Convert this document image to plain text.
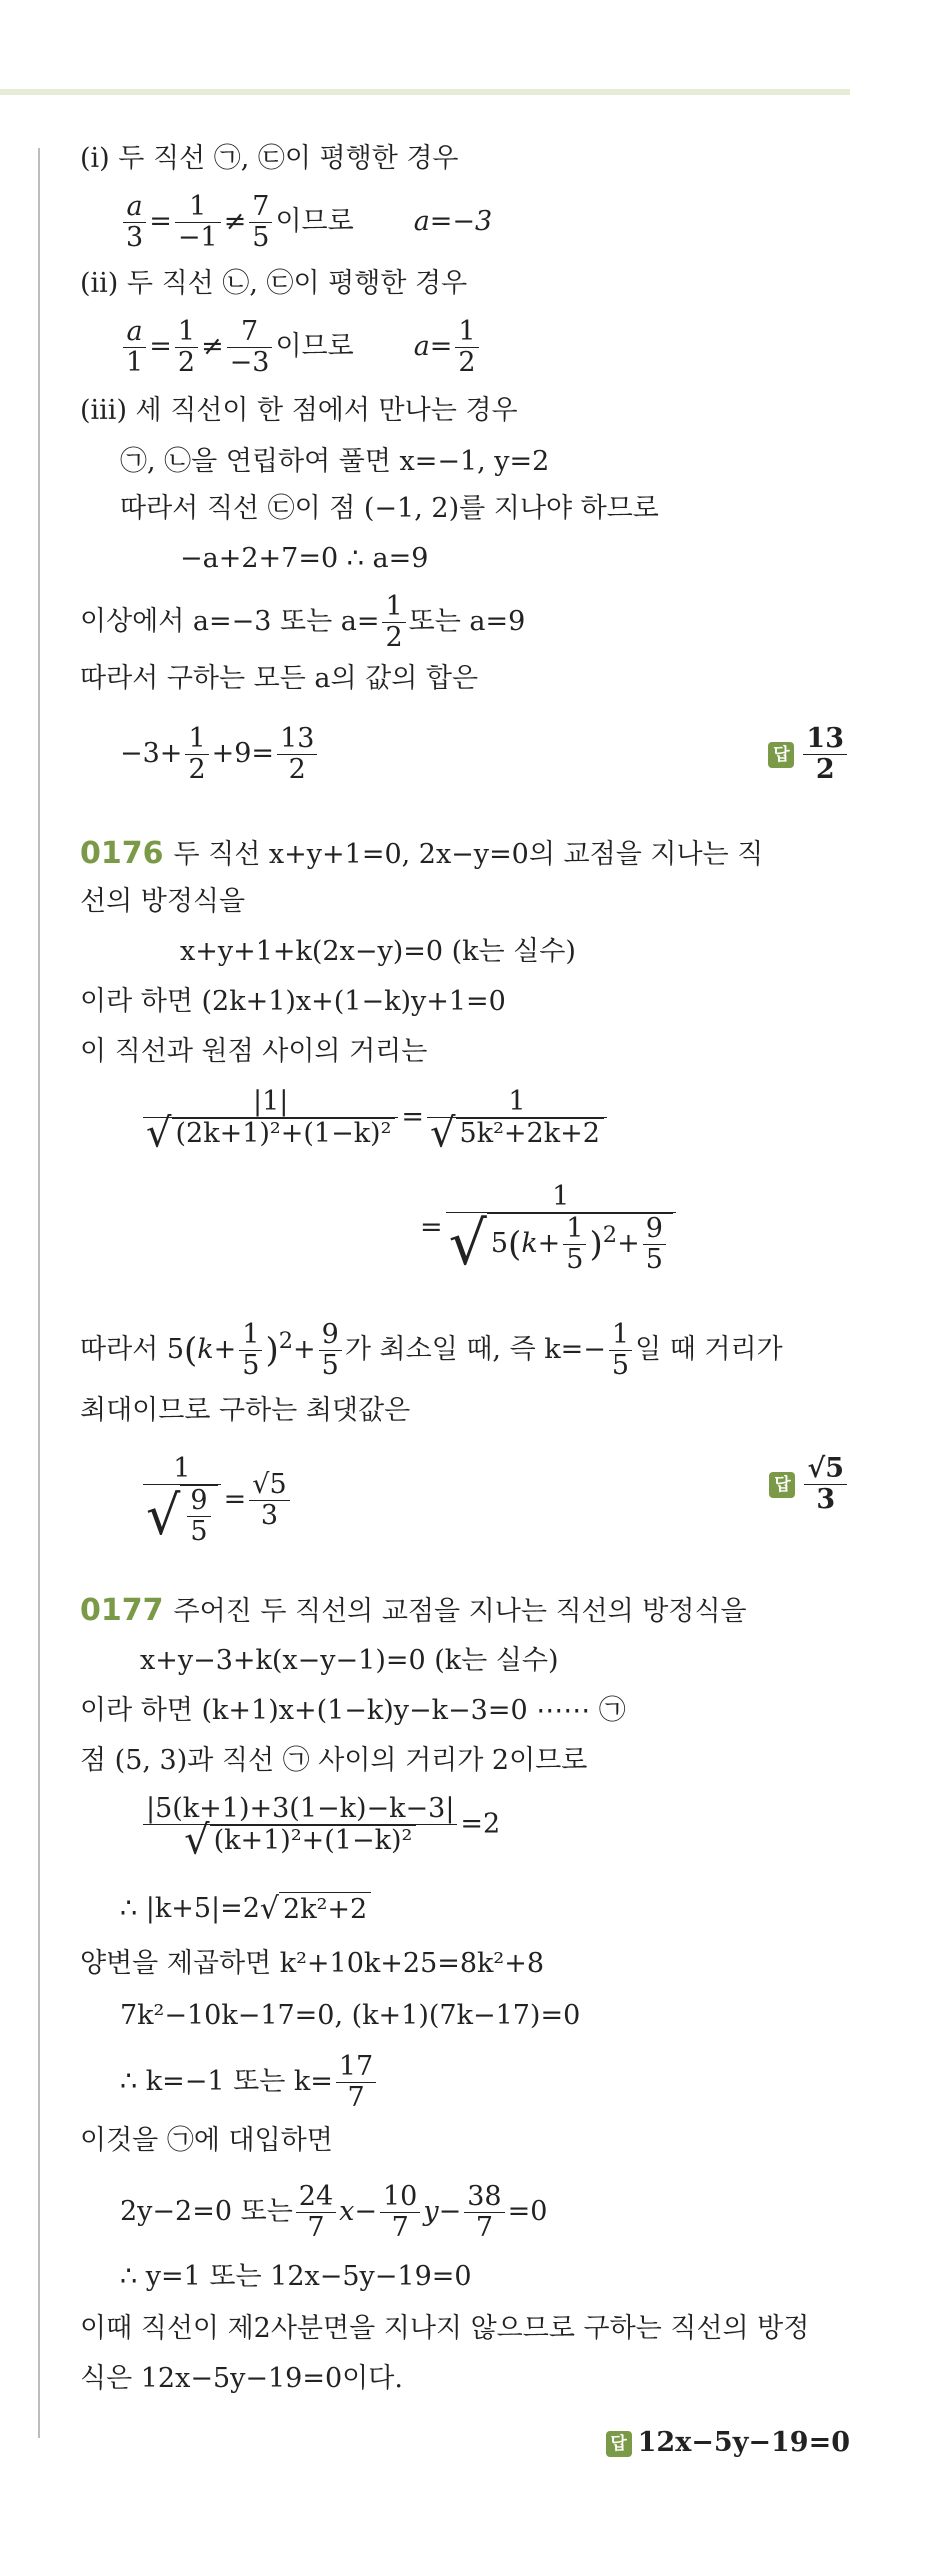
(ⅰ) 두 직선 ㉠, ㉢이 평행한 경우
$\frac{a}{3} = \frac{1}{-1} \ne \frac{7}{5}$ 이므로 a=−3
(ⅱ) 두 직선 ㉡, ㉢이 평행한 경우
$\frac{a}{1} = \frac{1}{2} \ne \frac{7}{-3}$ 이므로 $a= \frac{1}{2}$
(ⅲ) 세 직선이 한 점에서 만나는 경우
㉠, ㉡을 연립하여 풀면 x=−1, y=2
따라서 직선 ㉢이 점 (−1, 2)를 지나야 하므로
−a+2+7=0 ∴ a=9
이상에서 a=−3 또는 $a= \frac{1}{2}$ 또는 a=9
따라서 구하는 모든 a의 값의 합은
$-3+ \frac{1}{2} +9= \frac{13}{2}$	답 $\frac{13}{2}$
0176 두 직선 x+y+1=0, 2x−y=0의 교점을 지나는 직
선의 방정식을
x+y+1+k(2x−y)=0 (k는 실수)
이라 하면 (2k+1)x+(1−k)y+1=0
이 직선과 원점 사이의 거리는
$\frac{|1|}{\text{√ (2k+1)²+(1−k)²}} = \frac{1}{\text{√ 5k²+2k+2}}$
= $\frac{1}{√ 5(k+ \frac{1}{5} )^2+ \frac{9}{5}}$
따라서 $5(k+ \frac{1}{5} )^2+ \frac{9}{5}$ 가 최소일 때, 즉 $k=- \frac{1}{5}$ 일 때 거리가
최대이므로 구하는 최댓값은
$\frac{1}{√ \frac{9}{5}} = \frac{√5}{3}$	답 $\frac{√5}{3}$
0177 주어진 두 직선의 교점을 지나는 직선의 방정식을
x+y−3+k(x−y−1)=0 (k는 실수)
이라 하면 (k+1)x+(1−k)y−k−3=0 ⋯⋯ ㉠
점 (5, 3)과 직선 ㉠ 사이의 거리가 2이므로
$\frac{|5(k+1)+3(1-k)-k-3|}{\text{√ (k+1)²+(1−k)²}} =2$
∴ |k+5|=2√ 2k²+2
양변을 제곱하면 k²+10k+25=8k²+8
7k²−10k−17=0, (k+1)(7k−17)=0
∴ k=−1 또는 $k= \frac{17}{7}$
이것을 ㉠에 대입하면
2y−2=0 또는 $\frac{24}{7} x- \frac{10}{7} y- \frac{38}{7} =0$
∴ y=1 또는 12x−5y−19=0
이때 직선이 제2사분면을 지나지 않으므로 구하는 직선의 방정
식은 12x−5y−19=0이다.
답 12x−5y−19=0
